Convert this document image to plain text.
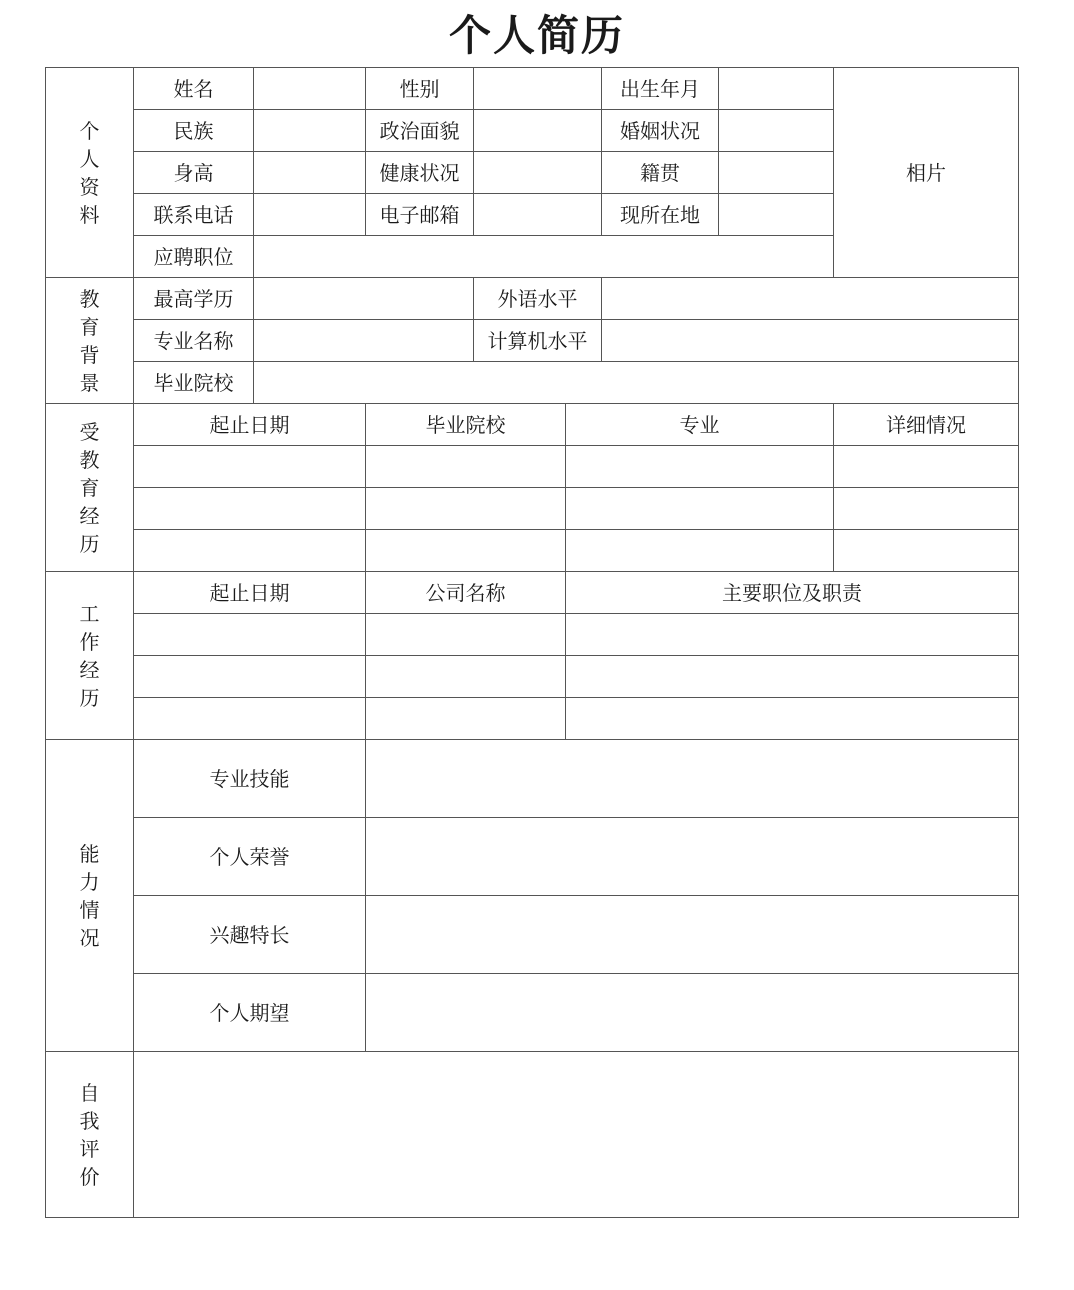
个人简历
个人资料	姓名		性别			出生年月		相片
	民族		政治面貌			婚姻状况		
	身高		健康状况			籍贯		
	联系电话		电子邮箱			现所在地		
	应聘职位							
教育背景	最高学历			外语水平				
	专业名称			计算机水平				
	毕业院校							
受教育经历	起止日期		毕业院校		专业			详细情况

工作经历	起止日期		公司名称		主要职位及职责			

能力情况	专业技能							
	个人荣誉							
	兴趣特长							
	个人期望							
自我评价								
